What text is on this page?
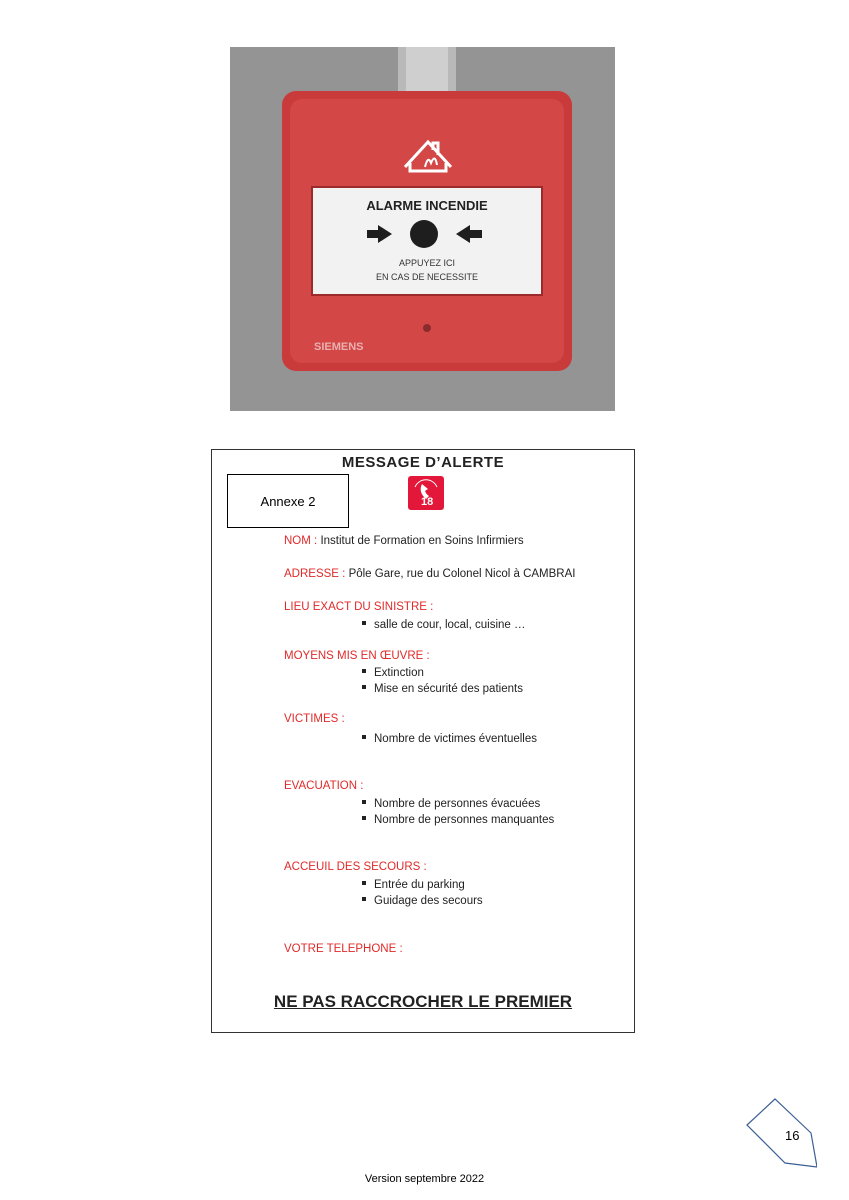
ALARME INCENDIE
APPUYEZ ICI
EN CAS DE NECESSITE
SIEMENS
MESSAGE D’ALERTE
Annexe 2	18
NOM : Institut de Formation en Soins Infirmiers
ADRESSE : Pôle Gare, rue du Colonel Nicol à CAMBRAI
LIEU EXACT DU SINISTRE :
salle de cour, local, cuisine …
MOYENS MIS EN ŒUVRE :
Extinction
Mise en sécurité des patients
VICTIMES :
Nombre de victimes éventuelles
EVACUATION :
Nombre de personnes évacuées
Nombre de personnes manquantes
ACCEUIL DES SECOURS :
Entrée du parking
Guidage des secours
VOTRE TELEPHONE :
NE PAS RACCROCHER LE PREMIER
16
Version septembre 2022
